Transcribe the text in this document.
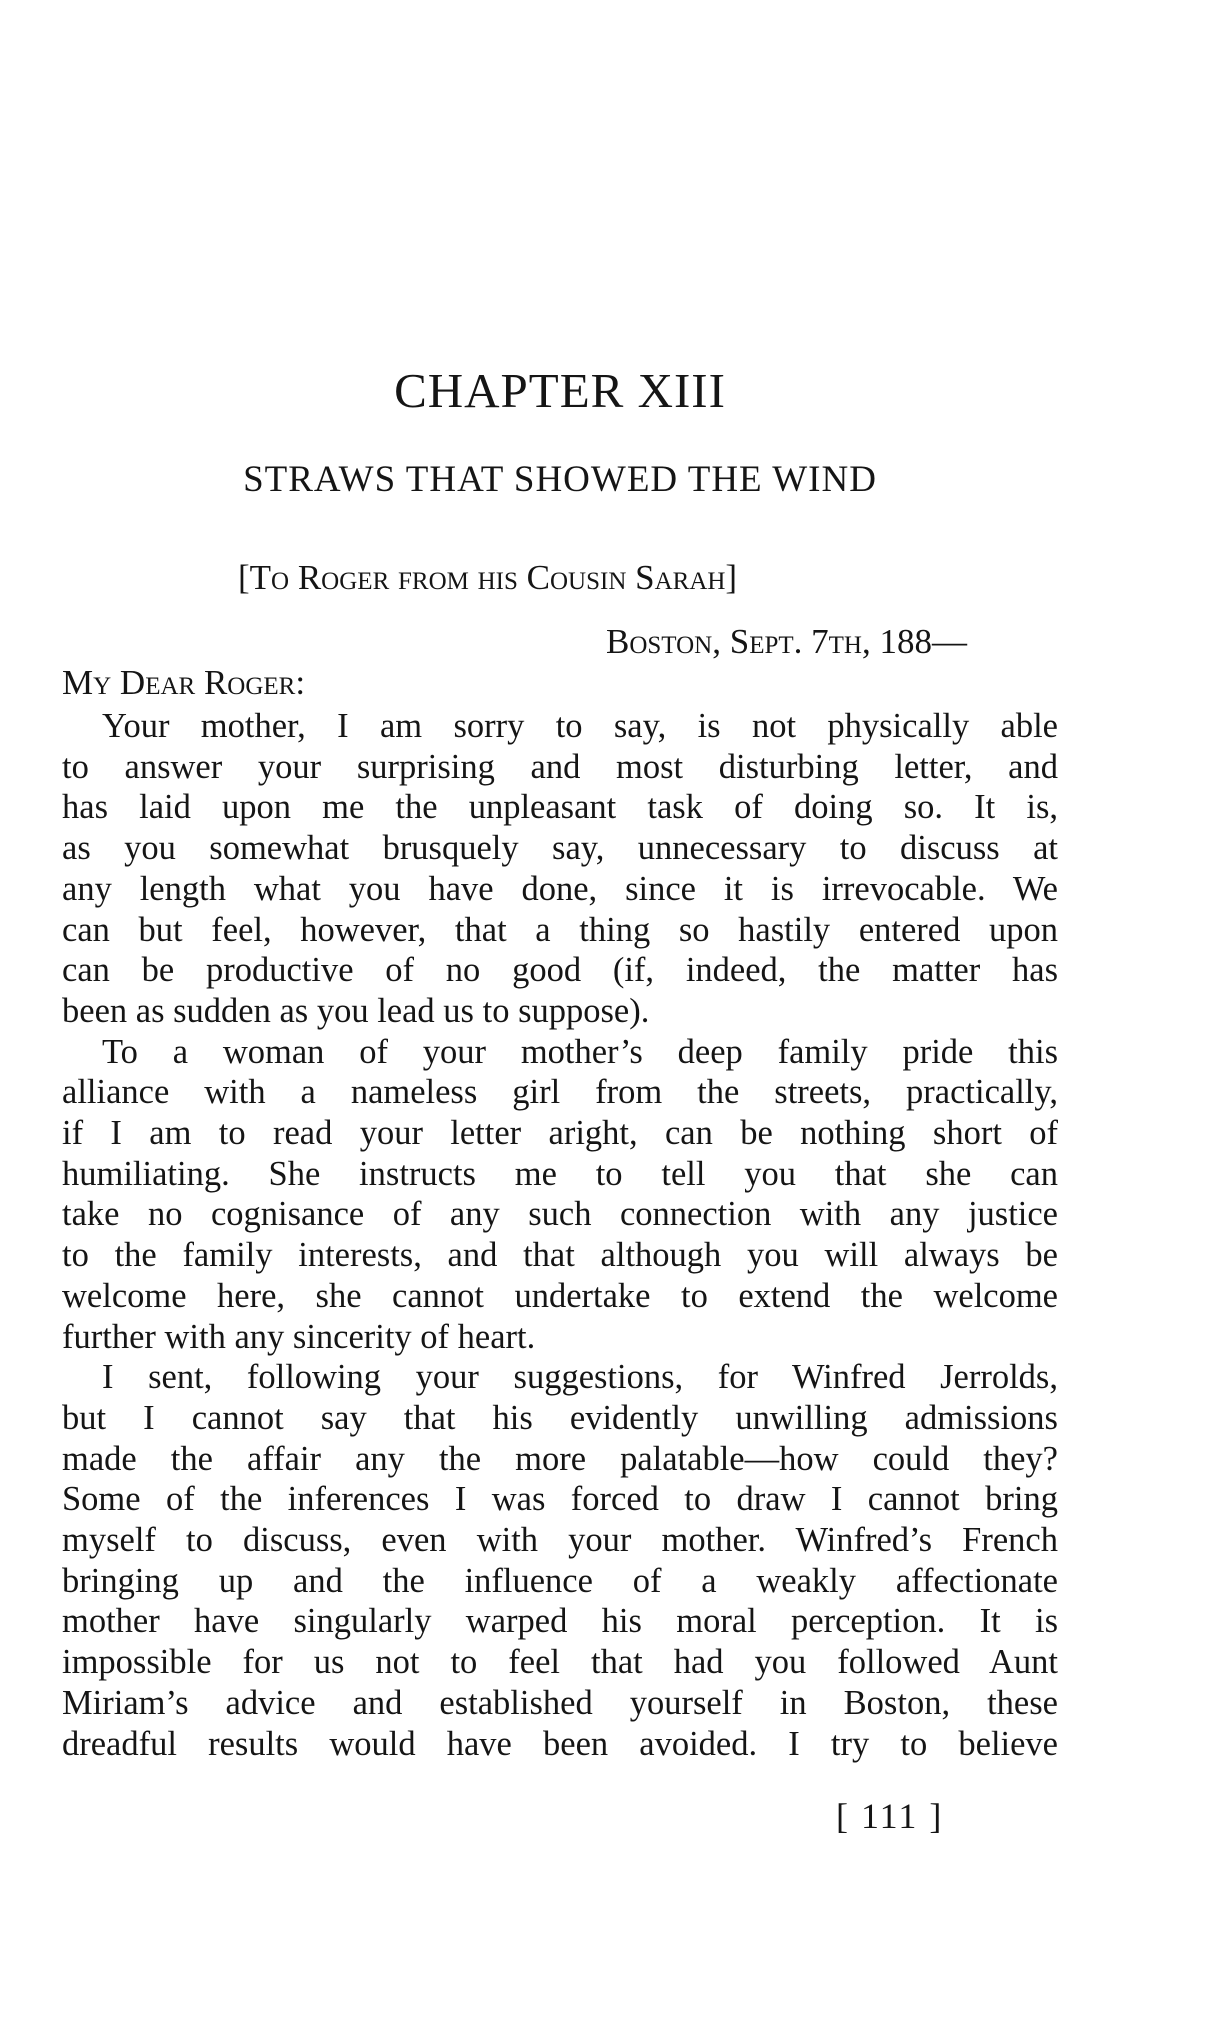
CHAPTER XIII
STRAWS THAT SHOWED THE WIND

[To Roger from his Cousin Sarah]

Boston, Sept. 7th, 188—

My Dear Roger:

Your mother, I am sorry to say, is not physically able
to answer your surprising and most disturbing letter, and
has laid upon me the unpleasant task of doing so. It is,
as you somewhat brusquely say, unnecessary to discuss at
any length what you have done, since it is irrevocable. We
can but feel, however, that a thing so hastily entered upon
can be productive of no good (if, indeed, the matter has
been as sudden as you lead us to suppose).
To a woman of your mother’s deep family pride this
alliance with a nameless girl from the streets, practically,
if I am to read your letter aright, can be nothing short of
humiliating. She instructs me to tell you that she can
take no cognisance of any such connection with any justice
to the family interests, and that although you will always be
welcome here, she cannot undertake to extend the welcome
further with any sincerity of heart.
I sent, following your suggestions, for Winfred Jerrolds,
but I cannot say that his evidently unwilling admissions
made the affair any the more palatable—how could they?
Some of the inferences I was forced to draw I cannot bring
myself to discuss, even with your mother. Winfred’s French
bringing up and the influence of a weakly affectionate
mother have singularly warped his moral perception. It is
impossible for us not to feel that had you followed Aunt
Miriam’s advice and established yourself in Boston, these
dreadful results would have been avoided. I try to believe

[ 111 ]
